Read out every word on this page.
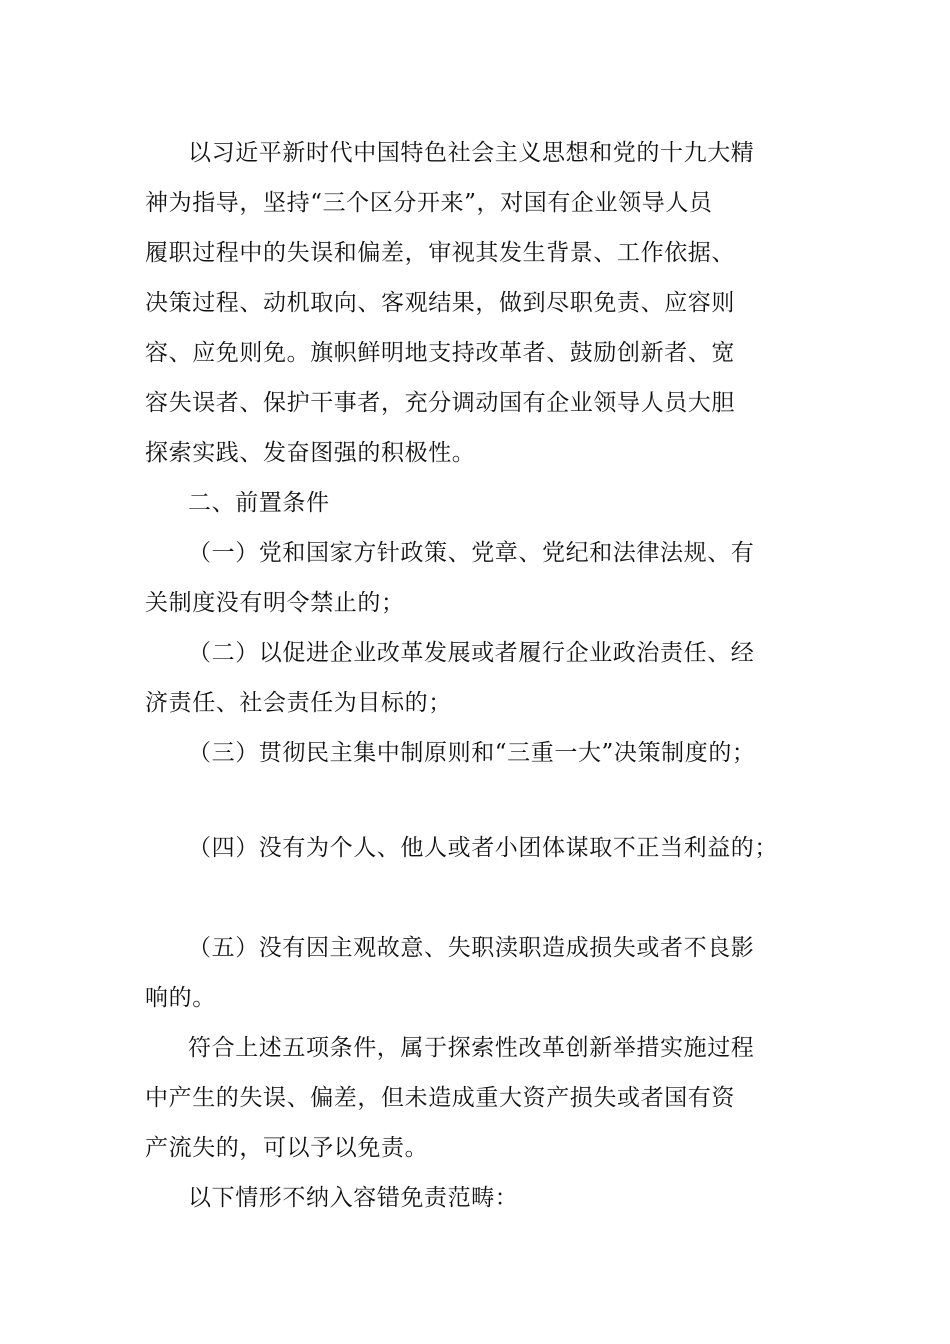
以习近平新时代中国特色社会主义思想和党的十九大精
神为指导，坚持“三个区分开来”，对国有企业领导人员
履职过程中的失误和偏差，审视其发生背景、工作依据、
决策过程、动机取向、客观结果，做到尽职免责、应容则
容、应免则免。旗帜鲜明地支持改革者、鼓励创新者、宽
容失误者、保护干事者，充分调动国有企业领导人员大胆
探索实践、发奋图强的积极性。
二、前置条件
（一）党和国家方针政策、党章、党纪和法律法规、有
关制度没有明令禁止的；
（二）以促进企业改革发展或者履行企业政治责任、经
济责任、社会责任为目标的；
（三）贯彻民主集中制原则和“三重一大”决策制度的；
（四）没有为个人、他人或者小团体谋取不正当利益的；
（五）没有因主观故意、失职渎职造成损失或者不良影
响的。
符合上述五项条件，属于探索性改革创新举措实施过程
中产生的失误、偏差，但未造成重大资产损失或者国有资
产流失的，可以予以免责。
以下情形不纳入容错免责范畴：
